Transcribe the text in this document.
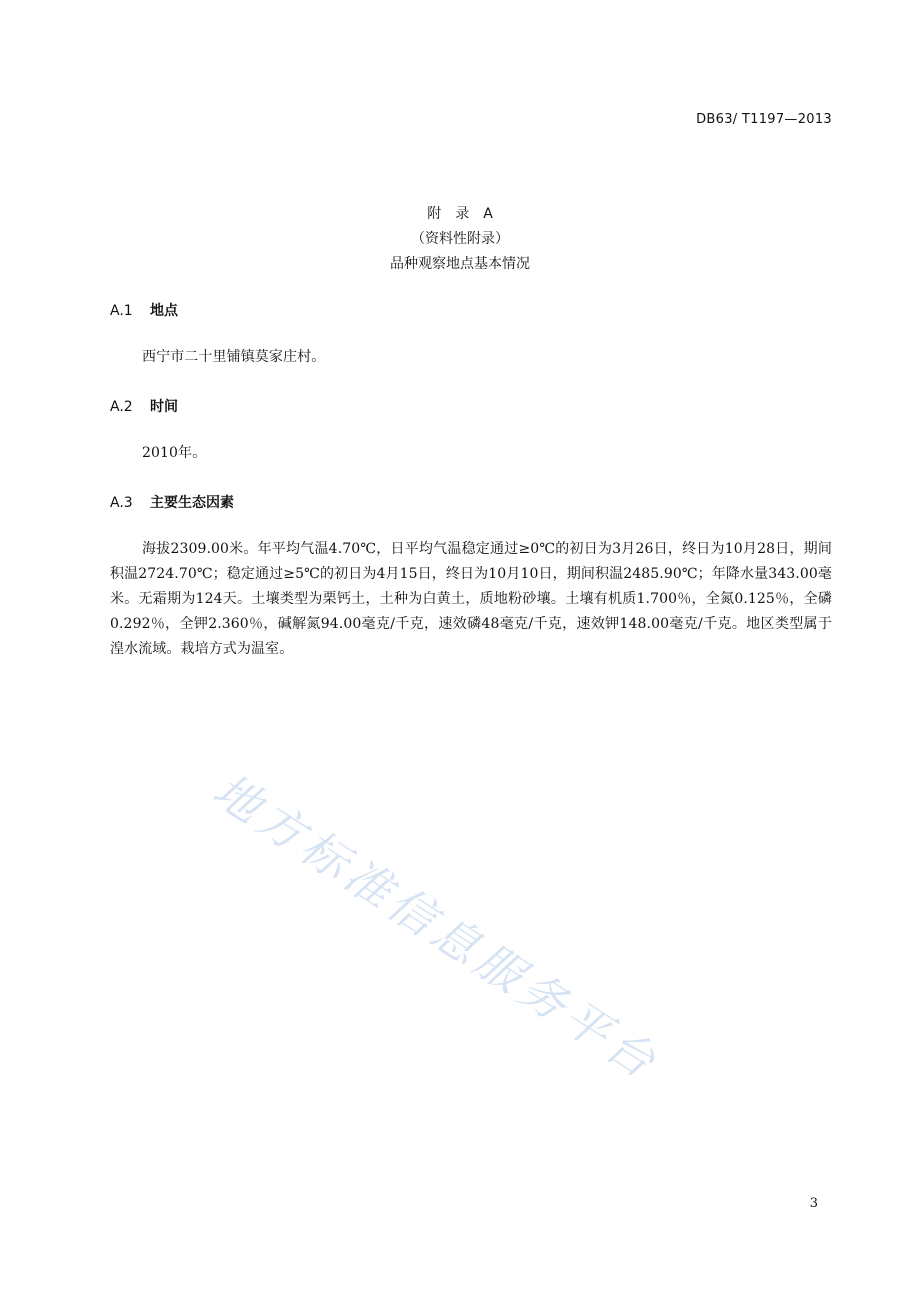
DB63/ T1197—2013
附　录　A
（资料性附录）
品种观察地点基本情况
A.1 地点
西宁市二十里铺镇莫家庄村。
A.2 时间
2010年。
A.3 主要生态因素
海拔2309.00米。年平均气温4.70℃，日平均气温稳定通过≥0℃的初日为3月26日，终日为10月28日，期间积温2724.70℃；稳定通过≥5℃的初日为4月15日，终日为10月10日，期间积温2485.90℃；年降水量343.00毫米。无霜期为124天。土壤类型为栗钙土，土种为白黄土，质地粉砂壤。土壤有机质1.700％，全氮0.125％，全磷0.292％，全钾2.360％，碱解氮94.00毫克/千克，速效磷48毫克/千克，速效钾148.00毫克/千克。地区类型属于湟水流域。栽培方式为温室。
地方标准信息服务平台
3
